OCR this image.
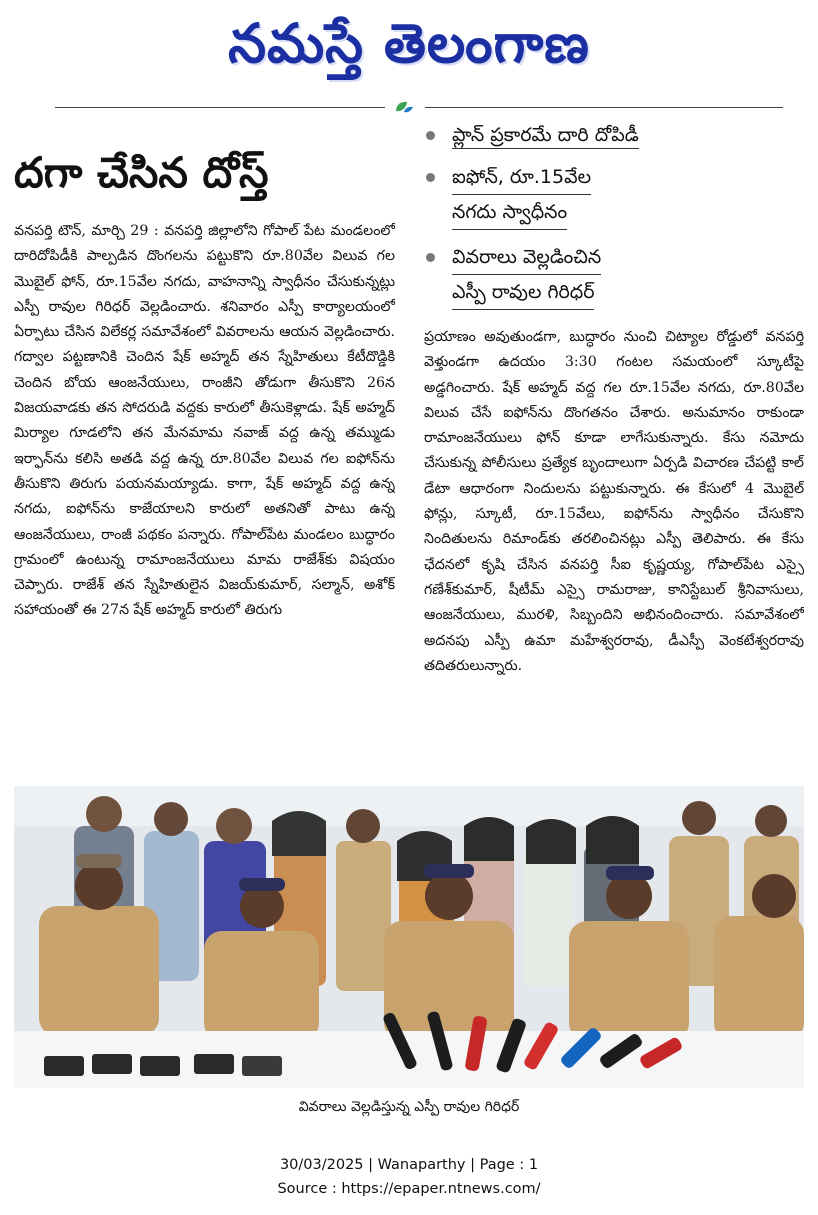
నమస్తే తెలంగాణ
దగా చేసిన దోస్త్
ప్లాన్ ప్రకారమే దారి దోపిడీ
ఐఫోన్, రూ.15వేల
నగదు స్వాధీనం
వివరాలు వెల్లడించిన
ఎస్పీ రావుల గిరిధర్
వనపర్తి టౌన్, మార్చి 29 : వనపర్తి జిల్లాలోని గోపాల్ పేట మండలంలో దారిదోపిడీకి పాల్పడిన దొంగలను పట్టుకొని రూ.80వేల విలువ గల మొబైల్ ఫోన్, రూ.15వేల నగదు, వాహనాన్ని స్వాధీనం చేసుకున్నట్లు ఎస్పీ రావుల గిరిధర్ వెల్లడించారు. శనివారం ఎస్పీ కార్యాలయంలో ఏర్పాటు చేసిన విలేకర్ల సమావేశంలో వివరాలను ఆయన వెల్లడించారు. గద్వాల పట్టణానికి చెందిన షేక్ అహ్మద్ తన స్నేహితులు కేటీదొడ్డికి చెందిన బోయ ఆంజనేయులు, రాంజీని తోడుగా తీసుకొని 26న విజయవాడకు తన సోదరుడి వద్దకు కారులో తీసుకెళ్లాడు. షేక్ అహ్మద్ మిర్యాల గూడలోని తన మేనమామ నవాజ్ వద్ద ఉన్న తమ్ముడు ఇర్ఫాన్‌ను కలిసి అతడి వద్ద ఉన్న రూ.80వేల విలువ గల ఐఫోన్‌ను తీసుకొని తిరుగు పయనమయ్యాడు. కాగా, షేక్ అహ్మద్ వద్ద ఉన్న నగదు, ఐఫోన్‌ను కాజేయాలని కారులో అతనితో పాటు ఉన్న ఆంజనేయులు, రాంజీ పథకం పన్నారు. గోపాల్‌పేట మండలం బుద్ధారం గ్రామంలో ఉంటున్న రామాంజనేయులు మామ రాజేశ్‌కు విషయం చెప్పారు. రాజేశ్ తన స్నేహితులైన విజయ్‌కుమార్, సల్మాన్, అశోక్ సహాయంతో ఈ 27న షేక్ అహ్మద్ కారులో తిరుగు
ప్రయాణం అవుతుండగా, బుద్ధారం నుంచి చిట్యాల రోడ్డులో వనపర్తి వెళ్తుండగా ఉదయం 3:30 గంటల సమయంలో స్కూటీపై అడ్డగించారు. షేక్ అహ్మద్ వద్ద గల రూ.15వేల నగదు, రూ.80వేల విలువ చేసే ఐఫోన్‌ను దొంగతనం చేశారు. అనుమానం రాకుండా రామాంజనేయులు ఫోన్ కూడా లాగేసుకున్నారు. కేసు నమోదు చేసుకున్న పోలీసులు ప్రత్యేక బృందాలుగా ఏర్పడి విచారణ చేపట్టి కాల్ డేటా ఆధారంగా నిందులను పట్టుకున్నారు. ఈ కేసులో 4 మొబైల్ ఫోన్లు, స్కూటీ, రూ.15వేలు, ఐఫోన్‌ను స్వాధీనం చేసుకొని నిందితులను రిమాండ్‌కు తరలించినట్లు ఎస్పీ తెలిపారు. ఈ కేసు ఛేదనలో కృషి చేసిన వనపర్తి సీఐ కృష్ణయ్య, గోపాల్‌పేట ఎస్సై గణేశ్‌కుమార్, షీటీమ్ ఎస్సై రామరాజు, కానిస్టేబుల్ శ్రీనివాసులు, ఆంజనేయులు, మురళి, సిబ్బందిని అభినందించారు. సమావేశంలో అదనపు ఎస్పీ ఉమా మహేశ్వరరావు, డీఎస్పీ వెంకటేశ్వరరావు తదితరులున్నారు.
వివరాలు వెల్లడిస్తున్న ఎస్పీ రావుల గిరిధర్
30/03/2025 | Wanaparthy | Page : 1
Source : https://epaper.ntnews.com/
